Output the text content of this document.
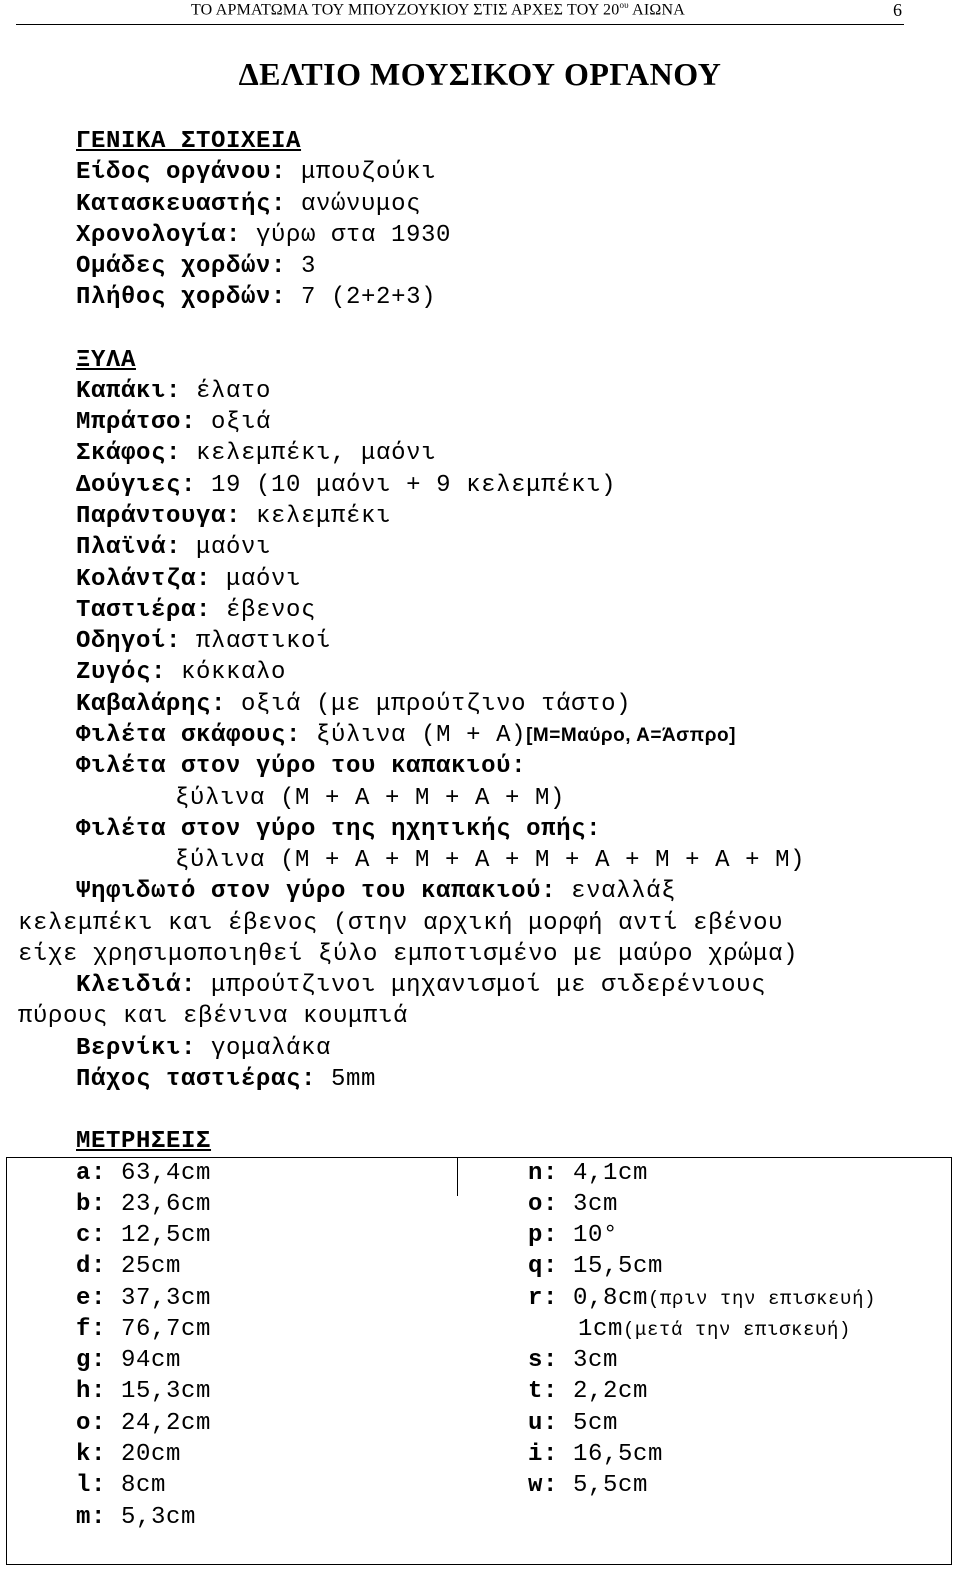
ΤΟ ΑΡΜΑΤΩΜΑ ΤΟΥ ΜΠΟΥΖΟΥΚΙΟΥ ΣΤΙΣ ΑΡΧΕΣ ΤΟΥ $20^{o\upsilon}$ ΑΙΩΝΑ	6
ΔΕΛΤΙΟ ΜΟΥΣΙΚΟΥ ΟΡΓΑΝΟΥ
ΓΕΝΙΚΑ ΣΤΟΙΧΕΙΑ
Είδος οργάνου: μπουζούκι
Κατασκευαστής: ανώνυμος
Χρονολογία: γύρω στα 1930
Ομάδες χορδών: 3
Πλήθος χορδών: 7 (2+2+3)
ΞΥΛΑ
Καπάκι: έλατο
Μπράτσο: οξιά
Σκάφος: κελεμπέκι, μαόνι
Δούγιες: 19 (10 μαόνι + 9 κελεμπέκι)
Παράντουγα: κελεμπέκι
Πλαϊνά: μαόνι
Κολάντζα: μαόνι
Ταστιέρα: έβενος
Οδηγοί: πλαστικοί
Ζυγός: κόκκαλο
Καβαλάρης: οξιά (με μπρούτζινο τάστο)
Φιλέτα σκάφους: ξύλινα (Μ + Α)[Μ=Μαύρο, Α=Άσπρο]
Φιλέτα στον γύρο του καπακιού:
ξύλινα (Μ + Α + Μ + Α + Μ)
Φιλέτα στον γύρο της ηχητικής οπής:
ξύλινα (Μ + Α + Μ + Α + Μ + Α + Μ + Α + Μ)
Ψηφιδωτό στον γύρο του καπακιού: εναλλάξ
κελεμπέκι και έβενος (στην αρχική μορφή αντί εβένου
είχε χρησιμοποιηθεί ξύλο εμποτισμένο με μαύρο χρώμα)
Κλειδιά: μπρούτζινοι μηχανισμοί με σιδερένιους
πύρους και εβένινα κουμπιά
Βερνίκι: γομαλάκα
Πάχος ταστιέρας: 5mm
ΜΕΤΡΗΣΕΙΣ
a: 63,4cm
b: 23,6cm
c: 12,5cm
d: 25cm
e: 37,3cm
f: 76,7cm
g: 94cm
h: 15,3cm
o: 24,2cm
k: 20cm
l: 8cm
m: 5,3cm
n: 4,1cm
o: 3cm
p: 10°
q: 15,5cm
r: 0,8cm(πριν την επισκευή)
1cm(μετά την επισκευή)
s: 3cm
t: 2,2cm
u: 5cm
i: 16,5cm
w: 5,5cm
